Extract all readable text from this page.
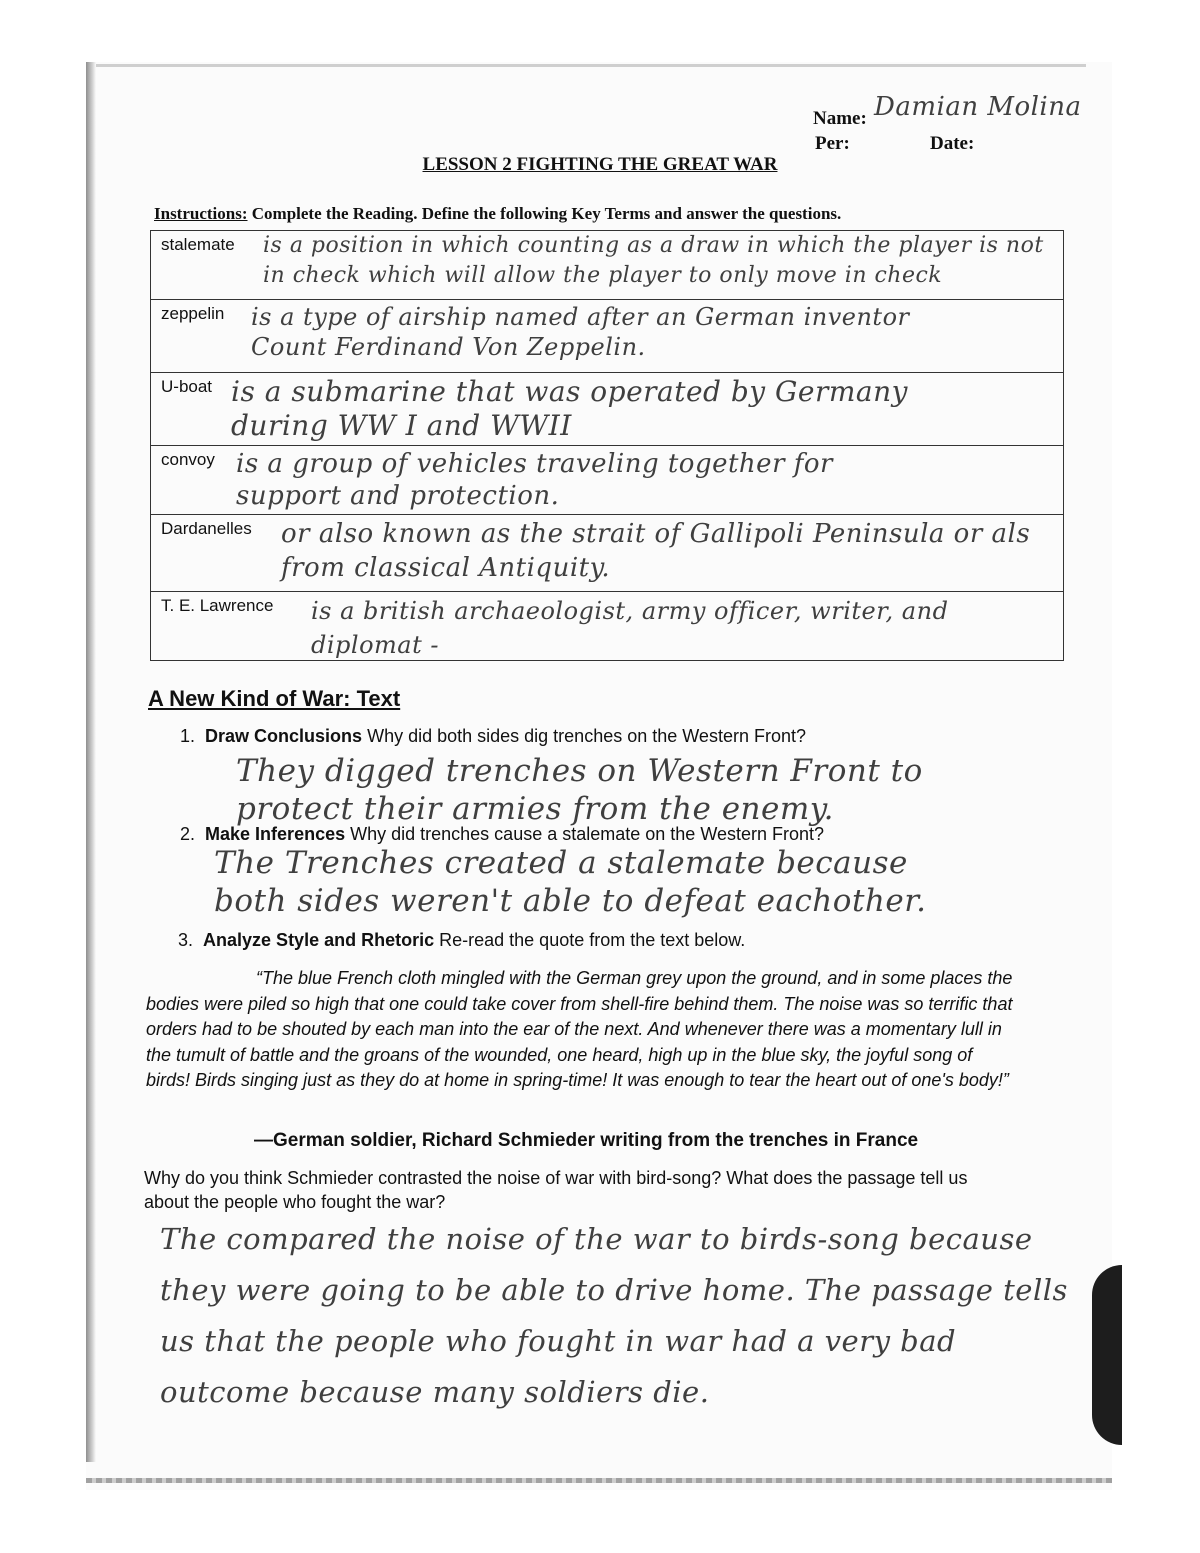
Name: Damian Molina
Per:	Date:
LESSON 2 FIGHTING THE GREAT WAR
Instructions: Complete the Reading. Define the following Key Terms and answer the questions.
stalemate is a position in which counting as a draw in which the player is not in check which will allow the player to only move in check
zeppelin is a type of airship named after an German inventor Count Ferdinand Von Zeppelin.
U-boat is a submarine that was operated by Germany during WW I and WWII
convoy is a group of vehicles traveling together for support and protection.
Dardanelles or also known as the strait of Gallipoli Peninsula or als from classical Antiquity.
T. E. Lawrence is a british archaeologist, army officer, writer, and diplomat -
A New Kind of War: Text
1. Draw Conclusions Why did both sides dig trenches on the Western Front?
They digged trenches on Western Front to protect their armies from the enemy.
2. Make Inferences Why did trenches cause a stalemate on the Western Front?
The Trenches created a stalemate because both sides weren't able to defeat eachother.
3. Analyze Style and Rhetoric Re-read the quote from the text below.
“The blue French cloth mingled with the German grey upon the ground, and in some places the bodies were piled so high that one could take cover from shell-fire behind them. The noise was so terrific that orders had to be shouted by each man into the ear of the next. And whenever there was a momentary lull in the tumult of battle and the groans of the wounded, one heard, high up in the blue sky, the joyful song of birds! Birds singing just as they do at home in spring-time! It was enough to tear the heart out of one's body!”
—German soldier, Richard Schmieder writing from the trenches in France
Why do you think Schmieder contrasted the noise of war with bird-song? What does the passage tell us about the people who fought the war?
The compared the noise of the war to birds-song because they were going to be able to drive home. The passage tells us that the people who fought in war had a very bad outcome because many soldiers die.
